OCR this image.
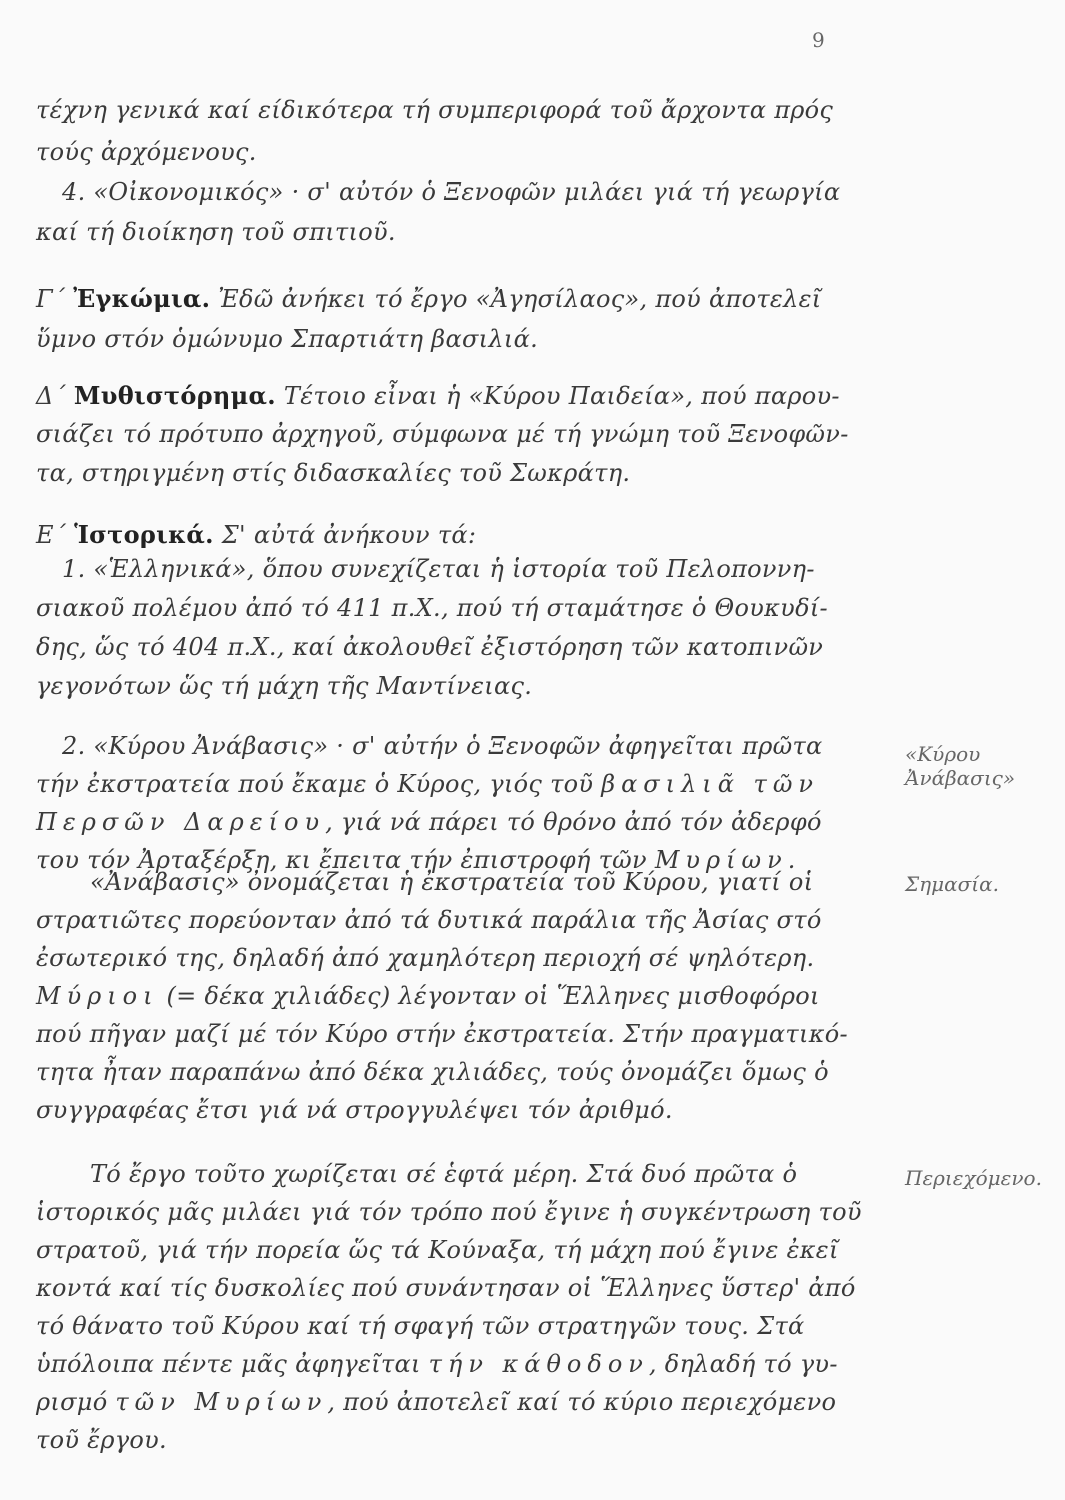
9
τέχνη γενικά καί είδικότερα τή συμπεριφορά τοῦ ἄρχοντα πρός
τούς ἀρχόμενους.
4. «Οἰκονομικός» · σ' αὐτόν ὁ Ξενοφῶν μιλάει γιά τή γεωργία
καί τή διοίκηση τοῦ σπιτιοῦ.
Γ΄ Ἐγκώμια. Ἐδῶ ἀνήκει τό ἔργο «Ἀγησίλαος», πού ἀποτελεῖ
ὕμνο στόν ὁμώνυμο Σπαρτιάτη βασιλιά.
Δ΄ Μυθιστόρημα. Τέτοιο εἶναι ἡ «Κύρου Παιδεία», πού παρου-
σιάζει τό πρότυπο ἀρχηγοῦ, σύμφωνα μέ τή γνώμη τοῦ Ξενοφῶν-
τα, στηριγμένη στίς διδασκαλίες τοῦ Σωκράτη.
Ε΄ Ἱστορικά. Σ' αὐτά ἀνήκουν τά:
1. «Ἑλληνικά», ὅπου συνεχίζεται ἡ ἱστορία τοῦ Πελοποννη-
σιακοῦ πολέμου ἀπό τό 411 π.Χ., πού τή σταμάτησε ὁ Θουκυδί-
δης, ὥς τό 404 π.Χ., καί ἀκολουθεῖ ἐξιστόρηση τῶν κατοπινῶν
γεγονότων ὥς τή μάχη τῆς Μαντίνειας.
2. «Κύρου Ἀνάβασις» · σ' αὐτήν ὁ Ξενοφῶν ἀφηγεῖται πρῶτα
τήν ἐκστρατεία πού ἔκαμε ὁ Κύρος, γιός τοῦ βασιλιᾶ τῶν
Περσῶν Δαρείου, γιά νά πάρει τό θρόνο ἀπό τόν ἀδερφό
του τόν Ἀρταξέρξη, κι ἔπειτα τήν ἐπιστροφή τῶν Μυρίων.
«Ἀνάβασις» ὀνομάζεται ἡ ἐκστρατεία τοῦ Κύρου, γιατί οἱ
στρατιῶτες πορεύονταν ἀπό τά δυτικά παράλια τῆς Ἀσίας στό
ἐσωτερικό της, δηλαδή ἀπό χαμηλότερη περιοχή σέ ψηλότερη.
Μύριοι (= δέκα χιλιάδες) λέγονταν οἱ Ἕλληνες μισθοφόροι
πού πῆγαν μαζί μέ τόν Κύρο στήν ἐκστρατεία. Στήν πραγματικό-
τητα ἦταν παραπάνω ἀπό δέκα χιλιάδες, τούς ὀνομάζει ὅμως ὁ
συγγραφέας ἔτσι γιά νά στρογγυλέψει τόν ἀριθμό.
Τό ἔργο τοῦτο χωρίζεται σέ ἑφτά μέρη. Στά δυό πρῶτα ὁ
ἱστορικός μᾶς μιλάει γιά τόν τρόπο πού ἔγινε ἡ συγκέντρωση τοῦ
στρατοῦ, γιά τήν πορεία ὥς τά Κούναξα, τή μάχη πού ἔγινε ἐκεῖ
κοντά καί τίς δυσκολίες πού συνάντησαν οἱ Ἕλληνες ὕστερ' ἀπό
τό θάνατο τοῦ Κύρου καί τή σφαγή τῶν στρατηγῶν τους. Στά
ὑπόλοιπα πέντε μᾶς ἀφηγεῖται τήν κάθοδον, δηλαδή τό γυ-
ρισμό τῶν Μυρίων, πού ἀποτελεῖ καί τό κύριο περιεχόμενο
τοῦ ἔργου.
«Κύρου
Ἀνάβασις»
Σημασία.
Περιεχόμενο.
